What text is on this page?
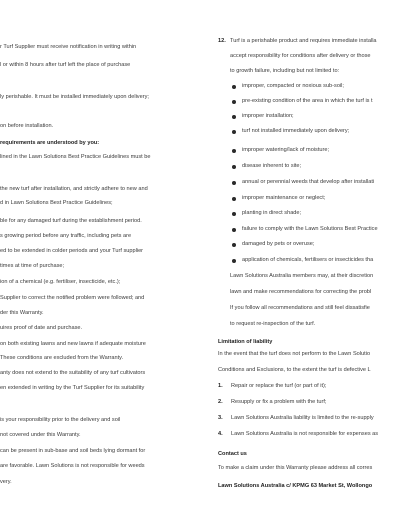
r Turf Supplier must receive notification in writing within
l or within 8 hours after turf left the place of purchase
ly perishable. It must be installed immediately upon delivery;
on before installation.
requirements are understood by you:
lined in the Lawn Solutions Best Practice Guidelines must be
the new turf after installation, and strictly adhere to new and
d in Lawn Solutions Best Practice Guidelines;
ble for any damaged turf during the establishment period.
s growing period before any traffic, including pets are
ed to be extended in colder periods and your Turf supplier
times at time of purchase;
ion of a chemical (e.g. fertiliser, insecticide, etc.);
Supplier to correct the notified problem were followed; and
der this Warranty.
uires proof of date and purchase.
on both existing lawns and new lawns if adequate moisture
These conditions are excluded from the Warranty.
anty does not extend to the suitability of any turf cultivators
en extended in writing by the Turf Supplier for its suitability
is your responsibility prior to the delivery and soil
not covered under this Warranty.
can be present in sub-base and soil beds lying dormant for
are favorable. Lawn Solutions is not responsible for weeds
very.
12. Turf is a perishable product and requires immediate installa
accept responsibility for conditions after delivery or those
to growth failure, including but not limited to:
improper, compacted or noxious sub-soil;
pre-existing condition of the area in which the turf is t
improper installation;
turf not installed immediately upon delivery;
improper watering/lack of moisture;
disease inherent to site;
annual or perennial weeds that develop after installati
improper maintenance or neglect;
planting in direct shade;
failure to comply with the Lawn Solutions Best Practice
damaged by pets or overuse;
application of chemicals, fertilisers or insecticides tha
Lawn Solutions Australia members may, at their discretion
lawn and make recommendations for correcting the probl
If you follow all recommendations and still feel dissatisfie
to request re-inspection of the turf.
Limitation of liability
In the event that the turf does not perform to the Lawn Solutio
Conditions and Exclusions, to the extent the turf is defective L
1. Repair or replace the turf (or part of it);
2. Resupply or fix a problem with the turf;
3. Lawn Solutions Australia liability is limited to the re-supply
4. Lawn Solutions Australia is not responsible for expenses as
Contact us
To make a claim under this Warranty please address all corres
Lawn Solutions Australia c/ KPMG 63 Market St, Wollongo
